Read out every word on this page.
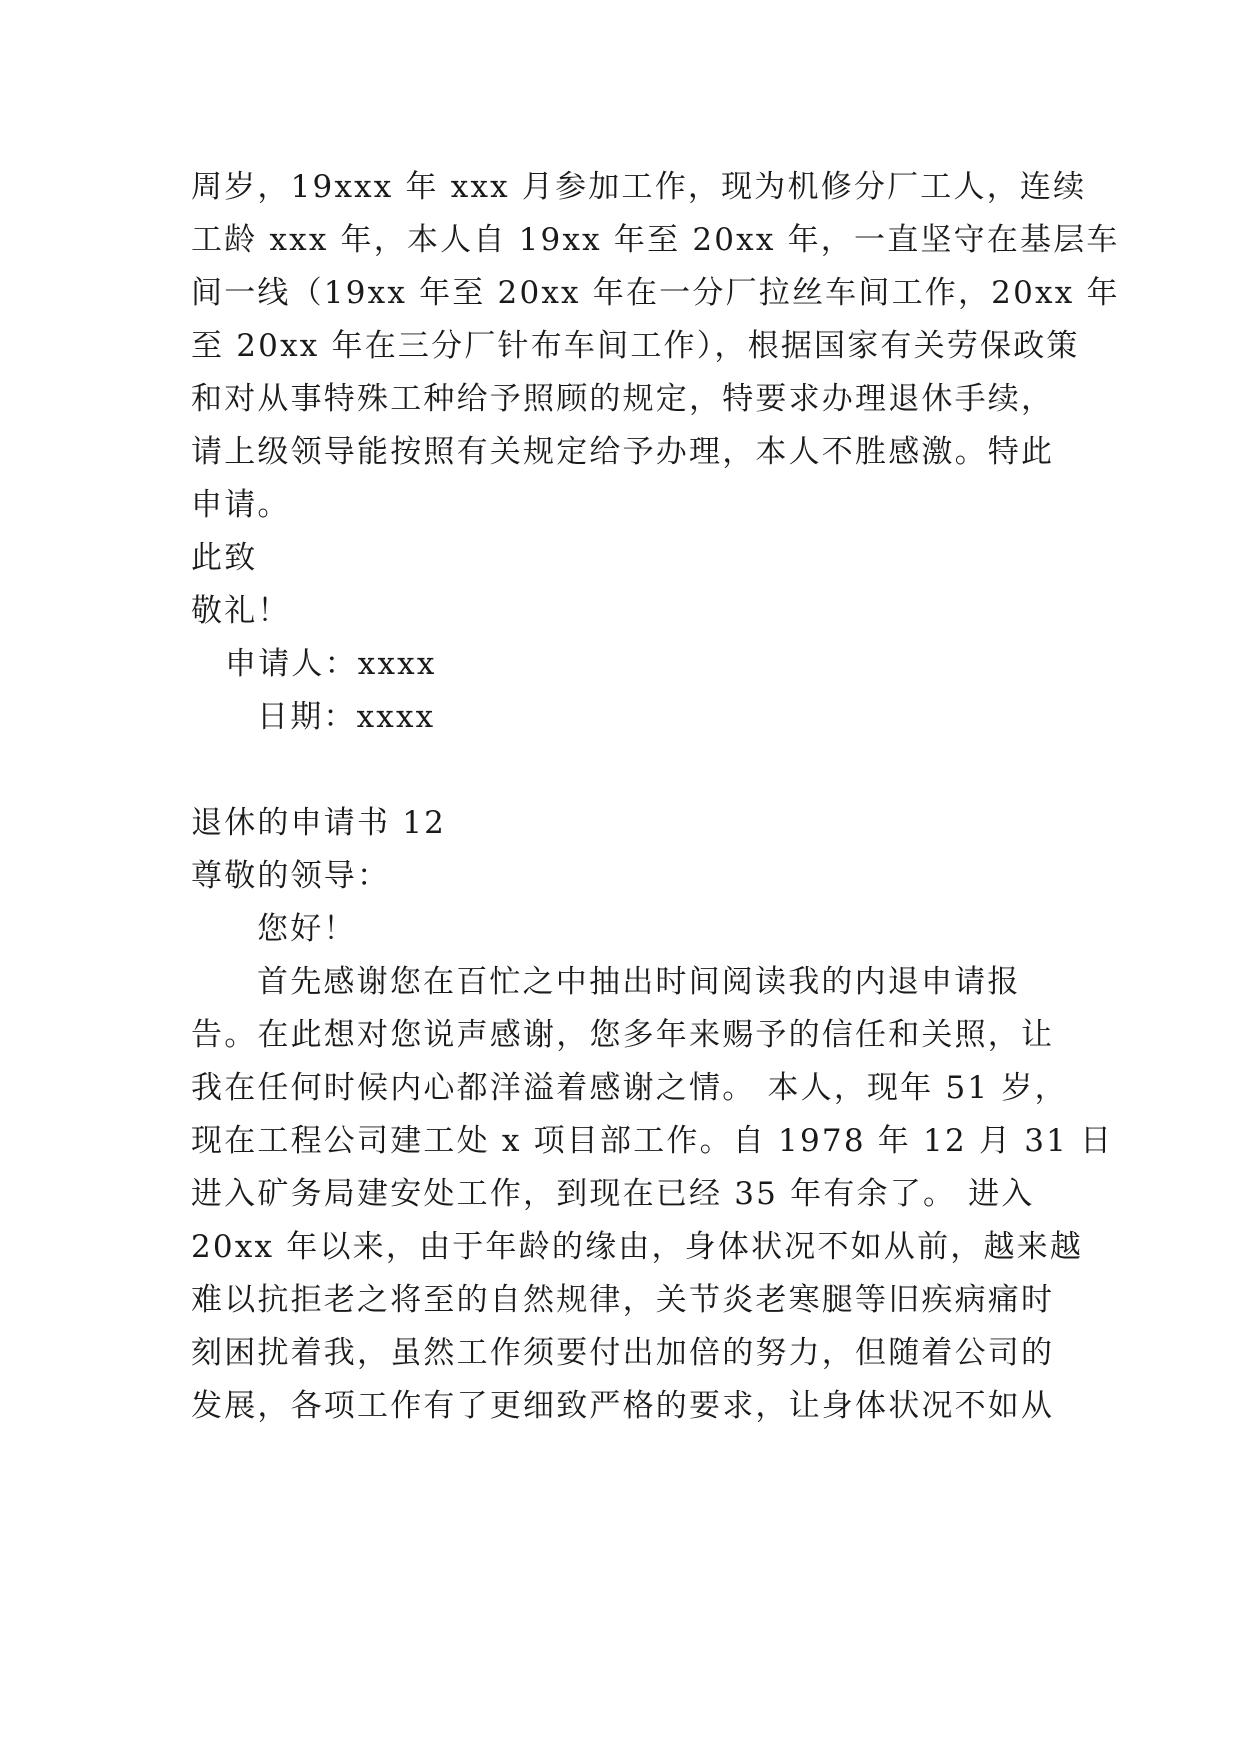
周岁，19xxx 年 xxx 月参加工作，现为机修分厂工人，连续
工龄 xxx 年，本人自 19xx 年至 20xx 年，一直坚守在基层车
间一线（19xx 年至 20xx 年在一分厂拉丝车间工作，20xx 年
至 20xx 年在三分厂针布车间工作），根据国家有关劳保政策
和对从事特殊工种给予照顾的规定，特要求办理退休手续，
请上级领导能按照有关规定给予办理，本人不胜感激。特此
申请。
此致
敬礼！
申请人：xxxx
日期：xxxx
退休的申请书 12
尊敬的领导：
您好！
首先感谢您在百忙之中抽出时间阅读我的内退申请报
告。在此想对您说声感谢，您多年来赐予的信任和关照，让
我在任何时候内心都洋溢着感谢之情。 本人，现年 51 岁，
现在工程公司建工处 x 项目部工作。自 1978 年 12 月 31 日
进入矿务局建安处工作，到现在已经 35 年有余了。 进入
20xx 年以来，由于年龄的缘由，身体状况不如从前，越来越
难以抗拒老之将至的自然规律，关节炎老寒腿等旧疾病痛时
刻困扰着我，虽然工作须要付出加倍的努力，但随着公司的
发展，各项工作有了更细致严格的要求，让身体状况不如从
